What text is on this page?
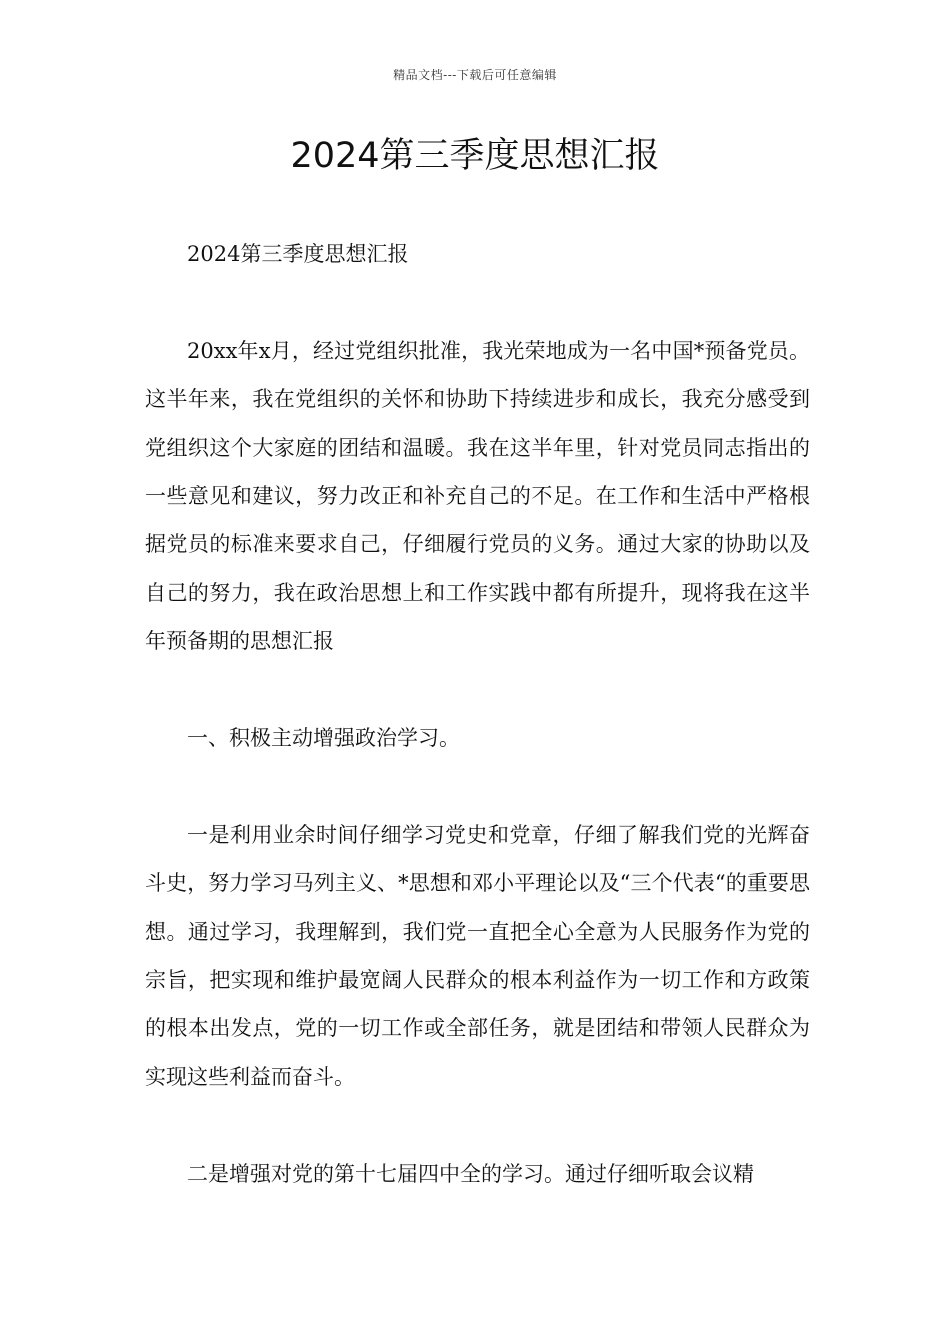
精品文档---下载后可任意编辑
2024第三季度思想汇报

2024第三季度思想汇报

20xx年x月，经过党组织批准，我光荣地成为一名中国*预备党员。这半年来，我在党组织的关怀和协助下持续进步和成长，我充分感受到党组织这个大家庭的团结和温暖。我在这半年里，针对党员同志指出的一些意见和建议，努力改正和补充自己的不足。在工作和生活中严格根据党员的标准来要求自己，仔细履行党员的义务。通过大家的协助以及自己的努力，我在政治思想上和工作实践中都有所提升，现将我在这半年预备期的思想汇报

一、积极主动增强政治学习。

一是利用业余时间仔细学习党史和党章，仔细了解我们党的光辉奋斗史，努力学习马列主义、*思想和邓小平理论以及“三个代表“的重要思想。通过学习，我理解到，我们党一直把全心全意为人民服务作为党的宗旨，把实现和维护最宽阔人民群众的根本利益作为一切工作和方政策的根本出发点，党的一切工作或全部任务，就是团结和带领人民群众为实现这些利益而奋斗。

二是增强对党的第十七届四中全的学习。通过仔细听取会议精
